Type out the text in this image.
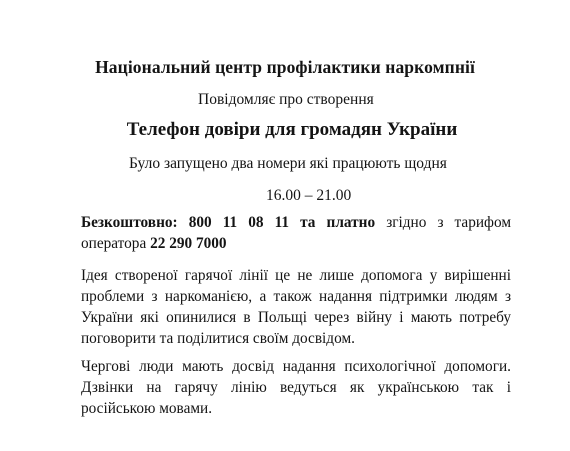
Національний центр профілактики наркомпнії

Повідомляє про створення

Телефон довіри для громадян України

Було запущено два номери які працюють щодня

16.00 – 21.00

Безкоштовно: 800 11 08 11 та платно згідно з тарифом оператора 22 290 7000

Ідея створеної гарячої лінії це не лише допомога у вирішенні проблеми з наркоманією, а також надання підтримки людям з України які опинилися в Польщі через війну і мають потребу поговорити та поділитися своїм досвідом.

Чергові люди мають досвід надання психологічної допомоги. Дзвінки на гарячу лінію ведуться як українською так і російською мовами.
